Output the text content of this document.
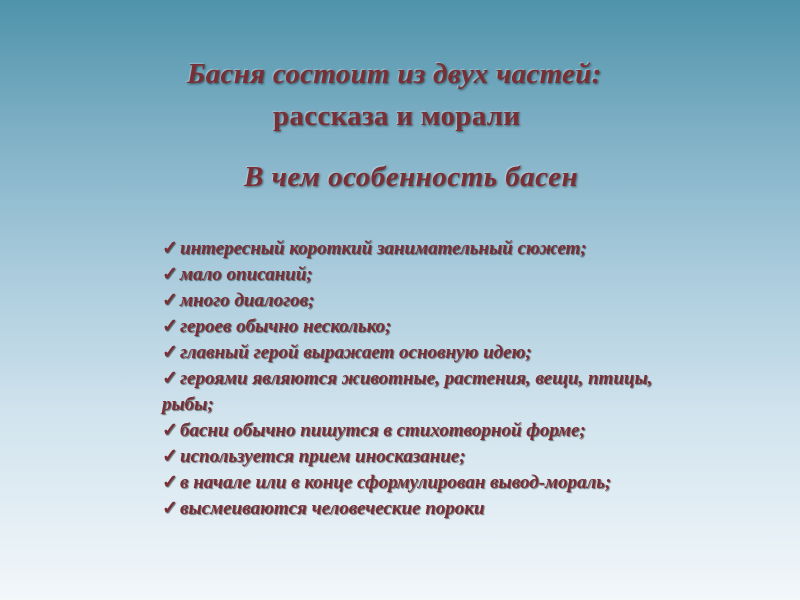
Басня состоит из двух частей:
рассказа и морали
В чем особенность басен
✓ интересный короткий занимательный сюжет;
✓ мало описаний;
✓ много диалогов;
✓ героев обычно несколько;
✓ главный герой выражает основную идею;
✓ героями являются животные, растения, вещи, птицы, рыбы;
✓ басни обычно пишутся в стихотворной форме;
✓ используется прием иносказание;
✓ в начале или в конце сформулирован вывод-мораль;
✓ высмеиваются человеческие пороки
